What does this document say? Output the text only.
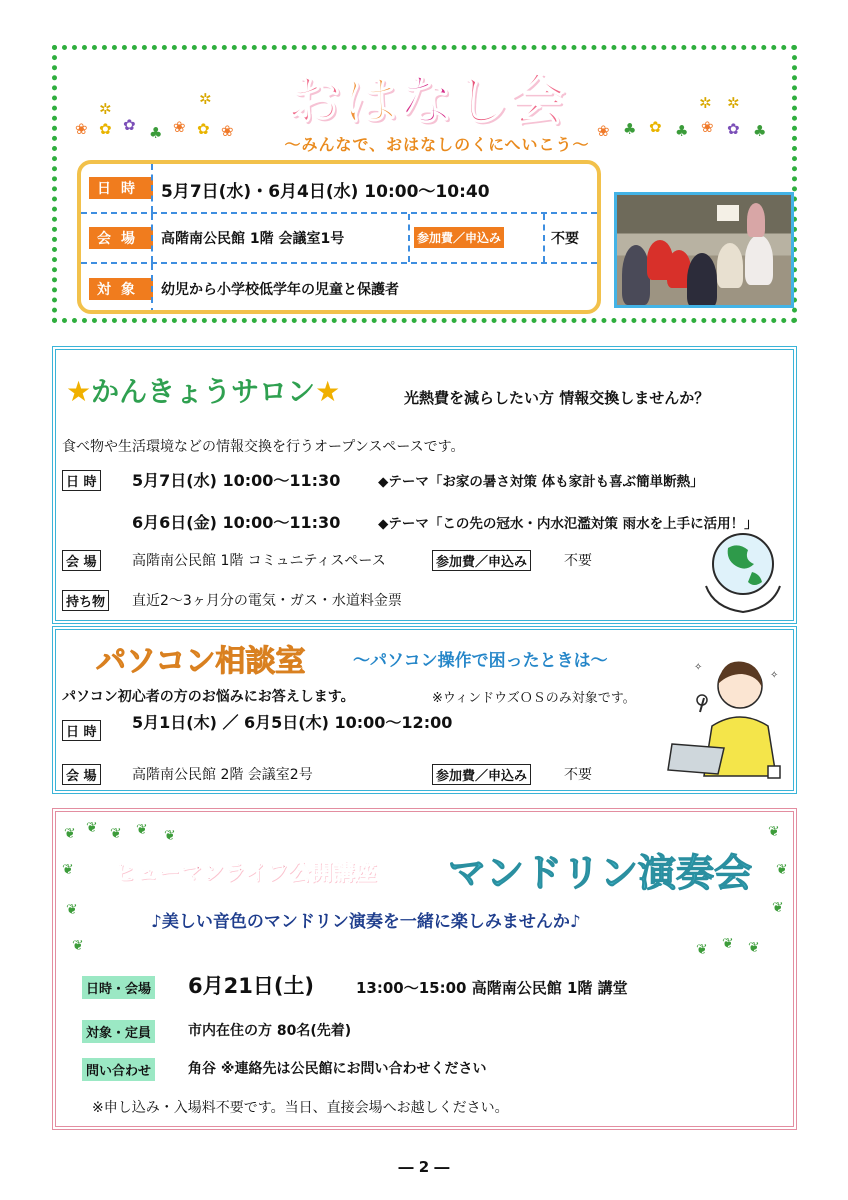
おはなし会
～みんなで、おはなしのくにへいこう～
❀ ✿ ✿ ♣ ❀ ✿ ❀
✲
✲
❀ ♣ ✿ ♣ ❀ ✿ ♣
✲ ✲
日時 5月7日(水)・6月4日(水) 10:00～10:40
会場	高階南公民館 1階 会議室1号	参加費／申込み	不要
対象	幼児から小学校低学年の児童と保護者
★かんきょうサロン★	光熱費を減らしたい方 情報交換しませんか？
食べ物や生活環境などの情報交換を行うオープンスペースです。
日 時 5月7日(水) 10:00～11:30	◆テーマ「お家の暑さ対策 体も家計も喜ぶ簡単断熱」
6月6日(金) 10:00～11:30	◆テーマ「この先の冠水・内水氾濫対策 雨水を上手に活用！」
会 場	高階南公民館 1階 コミュニティスペース	参加費／申込み	不要
持ち物 直近2～3ヶ月分の電気・ガス・水道料金票
パソコン相談室	～パソコン操作で困ったときは～
パソコン初心者の方のお悩みにお答えします。	※ウィンドウズＯＳのみ対象です。
日 時
5月1日(木) ／ 6月5日(木) 10:00～12:00
会 場	高階南公民館 2階 会議室2号	参加費／申込み	不要
✧
✧
❦ ❦ ❦ ❦ ❦
❦
❦
❦
❦
❦
❦
❦ ❦ ❦
ヒューマンライフ公開講座 マンドリン演奏会
♪美しい音色のマンドリン演奏を一緒に楽しみませんか♪
日時・会場 6月21日(土)	13:00～15:00 高階南公民館 1階 講堂
対象・定員	市内在住の方 80名(先着)
問い合わせ	角谷 ※連絡先は公民館にお問い合わせください
※申し込み・入場料不要です。当日、直接会場へお越しください。
― 2 ―
